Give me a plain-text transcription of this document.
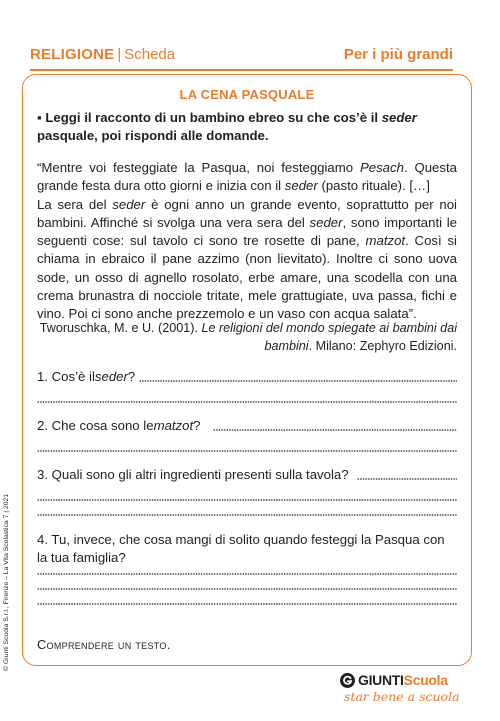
RELIGIONE | Scheda	Per i più grandi
LA CENA PASQUALE
▪ Leggi il racconto di un bambino ebreo su che cos’è il seder pasquale, poi rispondi alle domande.
“Mentre voi festeggiate la Pasqua, noi festeggiamo Pesach. Questa grande festa dura otto giorni e inizia con il seder (pasto rituale). […]
La sera del seder è ogni anno un grande evento, soprattutto per noi bambini. Affinché si svolga una vera sera del seder, sono importanti le seguenti cose: sul tavolo ci sono tre rosette di pane, matzot. Così si chiama in ebraico il pane azzimo (non lievitato). Inoltre ci sono uova sode, un osso di agnello rosolato, erbe amare, una scodella con una crema brunastra di nocciole tritate, mele grattugiate, uva passa, fichi e vino. Poi ci sono anche prezzemolo e un vaso con acqua salata”.
Tworuschka, M. e U. (2001). Le religioni del mondo spiegate ai bambini dai bambini. Milano: Zephyro Edizioni.
1. Cos’è il seder ?
2. Che cosa sono le matzot ?
3. Quali sono gli altri ingredienti presenti sulla tavola?
4. Tu, invece, che cosa mangi di solito quando festeggi la Pasqua con
la tua famiglia?
Comprendere un testo.
© Giunti Scuola S.r.l., Firenze – La Vita Scolastica 7 | 2021
GIUNTI Scuola
star bene a scuola
